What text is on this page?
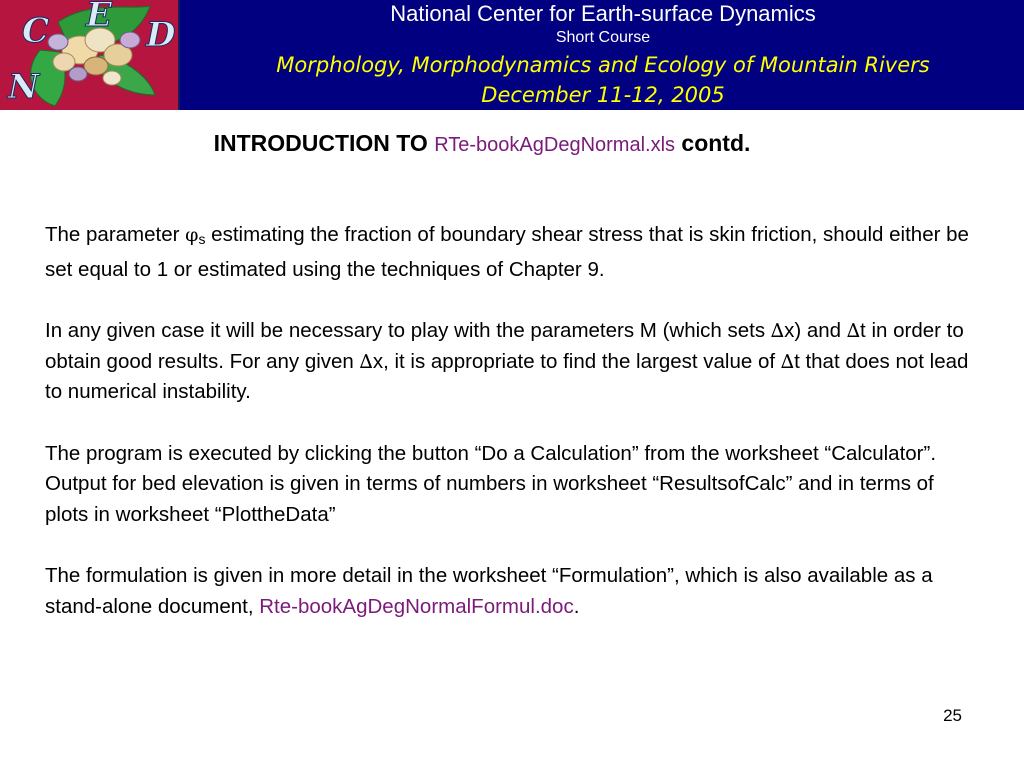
C E D
N
National Center for Earth-surface Dynamics
Short Course
Morphology, Morphodynamics and Ecology of Mountain Rivers
December 11-12, 2005
INTRODUCTION TO RTe-bookAgDegNormal.xls contd.

The parameter $\varphi_s$ estimating the fraction of boundary shear stress that is skin friction, should either be set equal to 1 or estimated using the techniques of Chapter 9.

In any given case it will be necessary to play with the parameters M (which sets ∆x) and ∆t in order to obtain good results. For any given ∆x, it is appropriate to find the largest value of ∆t that does not lead to numerical instability.

The program is executed by clicking the button “Do a Calculation” from the worksheet “Calculator”. Output for bed elevation is given in terms of numbers in worksheet “ResultsofCalc” and in terms of plots in worksheet “PlottheData”

The formulation is given in more detail in the worksheet “Formulation”, which is also available as a stand-alone document, Rte-bookAgDegNormalFormul.doc.

25
